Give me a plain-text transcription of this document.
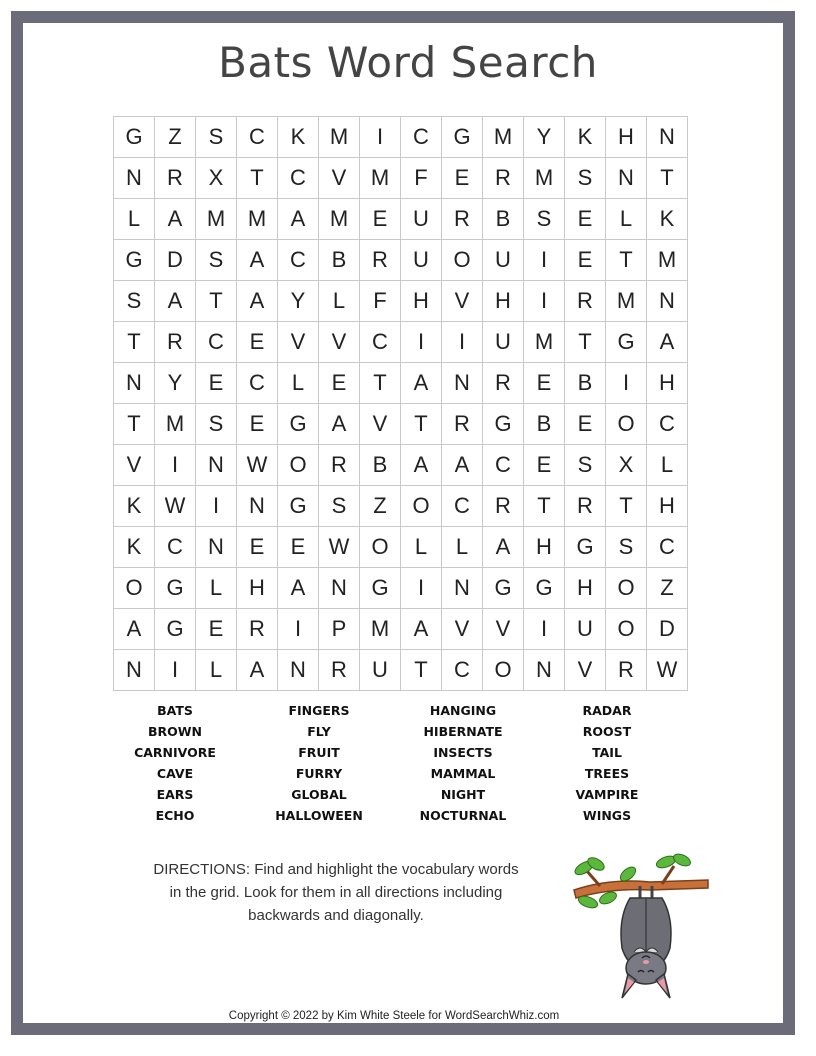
Bats Word Search
G	Z	S	C	K	M	I	C	G	M	Y	K	H	N
N	R	X	T	C	V	M	F	E	R	M	S	N	T
L	A	M	M	A	M	E	U	R	B	S	E	L	K
G	D	S	A	C	B	R	U	O	U	I	E	T	M
S	A	T	A	Y	L	F	H	V	H	I	R	M	N
T	R	C	E	V	V	C	I	I	U	M	T	G	A
N	Y	E	C	L	E	T	A	N	R	E	B	I	H
T	M	S	E	G	A	V	T	R	G	B	E	O	C
V	I	N	W	O	R	B	A	A	C	E	S	X	L
K	W	I	N	G	S	Z	O	C	R	T	R	T	H
K	C	N	E	E	W	O	L	L	A	H	G	S	C
O	G	L	H	A	N	G	I	N	G	G	H	O	Z
A	G	E	R	I	P	M	A	V	V	I	U	O	D
N	I	L	A	N	R	U	T	C	O	N	V	R	W
BATS
BROWN
CARNIVORE
CAVE
EARS
ECHO
FINGERS
FLY
FRUIT
FURRY
GLOBAL
HALLOWEEN
HANGING
HIBERNATE
INSECTS
MAMMAL
NIGHT
NOCTURNAL
RADAR
ROOST
TAIL
TREES
VAMPIRE
WINGS
DIRECTIONS: Find and highlight the vocabulary words
in the grid. Look for them in all directions including
backwards and diagonally.
Copyright © 2022 by Kim White Steele for WordSearchWhiz.com
